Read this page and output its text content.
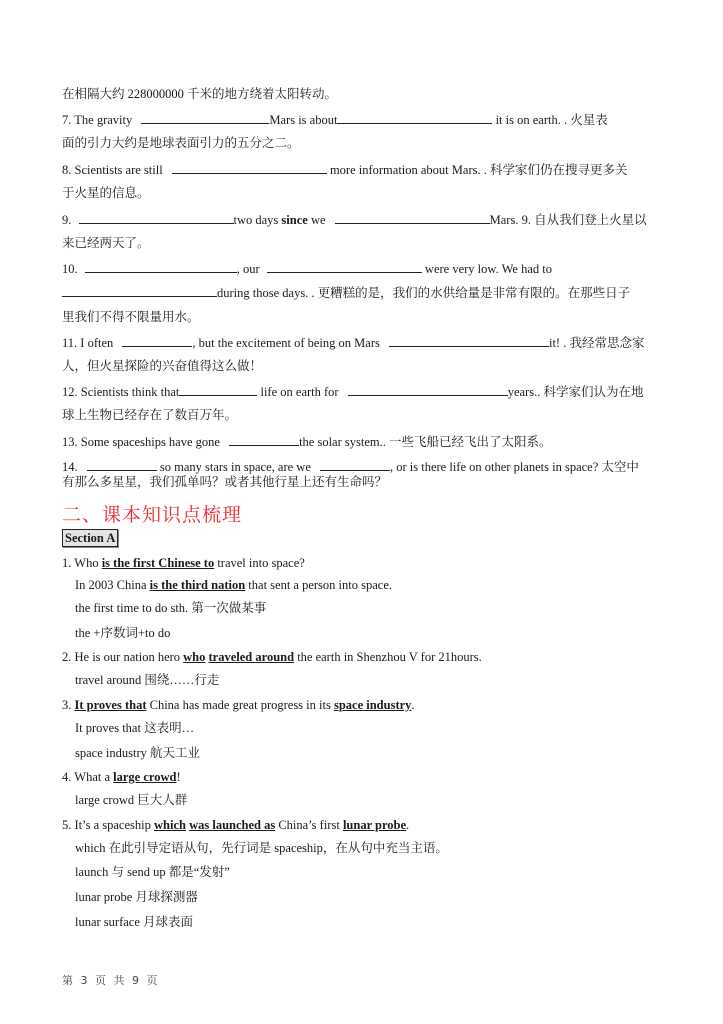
在相隔大约 228000000 千米的地方绕着太阳转动。
7. The gravity	Mars is about	it is on earth. . 火星表
面的引力大约是地球表面引力的五分之二。
8. Scientists are still	more information about Mars. . 科学家们仍在搜寻更多关
于火星的信息。
9.	two days since we	Mars. 9. 自从我们登上火星以
来已经两天了。
10.	, our	were very low. We had to
during those days. . 更糟糕的是，我们的水供给量是非常有限的。在那些日子
里我们不得不限量用水。
11. I often	, but the excitement of being on Mars	it! . 我经常思念家
人，但火星探险的兴奋值得这么做！
12. Scientists think that	life on earth for	years.. 科学家们认为在地
球上生物已经存在了数百万年。
13. Some spaceships have gone	the solar system.. 一些飞船已经飞出了太阳系。
14.	so many stars in space, are we	, or is there life on other planets in space? 太空中
有那么多星星，我们孤单吗？或者其他行星上还有生命吗？
二、课本知识点梳理
Section A
1. Who is the first Chinese to travel into space?
In 2003 China is the third nation that sent a person into space.
the first time to do sth. 第一次做某事
the +序数词+to do
2. He is our nation hero who traveled around the earth in Shenzhou V for 21hours.
travel around 围绕……行走
3. It proves that China has made great progress in its space industry.
It proves that 这表明…
space industry 航天工业
4. What a large crowd!
large crowd 巨大人群
5. It’s a spaceship which was launched as China’s first lunar probe.
which 在此引导定语从句，先行词是 spaceship，在从句中充当主语。
launch 与 send up 都是“发射”
lunar probe 月球探测器
lunar surface 月球表面
第 3 页 共 9 页
